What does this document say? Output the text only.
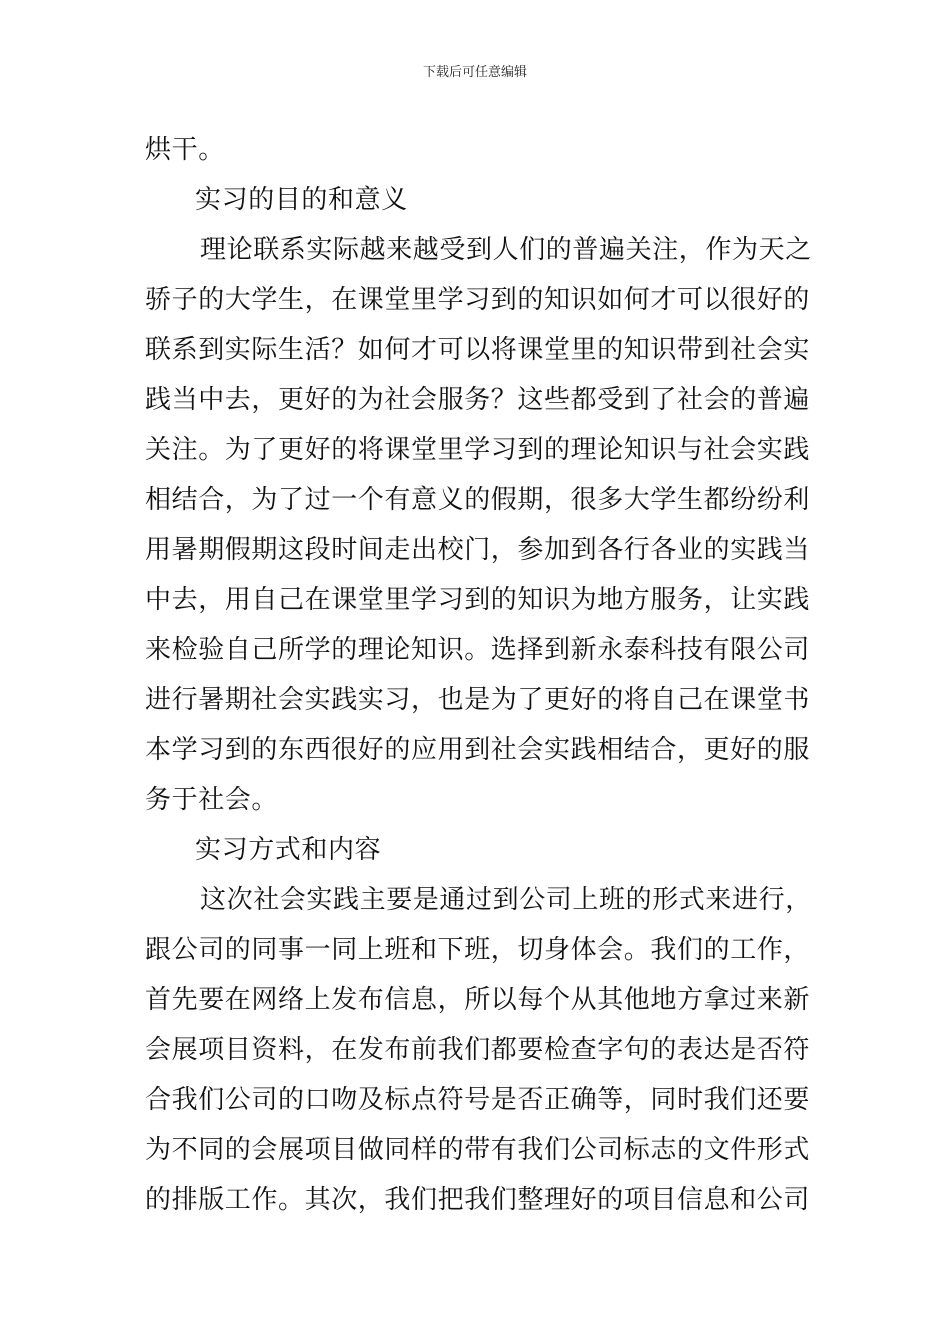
下载后可任意编辑
烘干。
实习的目的和意义
理论联系实际越来越受到人们的普遍关注，作为天之
骄子的大学生，在课堂里学习到的知识如何才可以很好的
联系到实际生活？如何才可以将课堂里的知识带到社会实
践当中去，更好的为社会服务？这些都受到了社会的普遍
关注。为了更好的将课堂里学习到的理论知识与社会实践
相结合，为了过一个有意义的假期，很多大学生都纷纷利
用暑期假期这段时间走出校门，参加到各行各业的实践当
中去，用自己在课堂里学习到的知识为地方服务，让实践
来检验自己所学的理论知识。选择到新永泰科技有限公司
进行暑期社会实践实习，也是为了更好的将自己在课堂书
本学习到的东西很好的应用到社会实践相结合，更好的服
务于社会。
实习方式和内容
这次社会实践主要是通过到公司上班的形式来进行，
跟公司的同事一同上班和下班，切身体会。我们的工作，
首先要在网络上发布信息，所以每个从其他地方拿过来新
会展项目资料，在发布前我们都要检查字句的表达是否符
合我们公司的口吻及标点符号是否正确等，同时我们还要
为不同的会展项目做同样的带有我们公司标志的文件形式
的排版工作。其次，我们把我们整理好的项目信息和公司
